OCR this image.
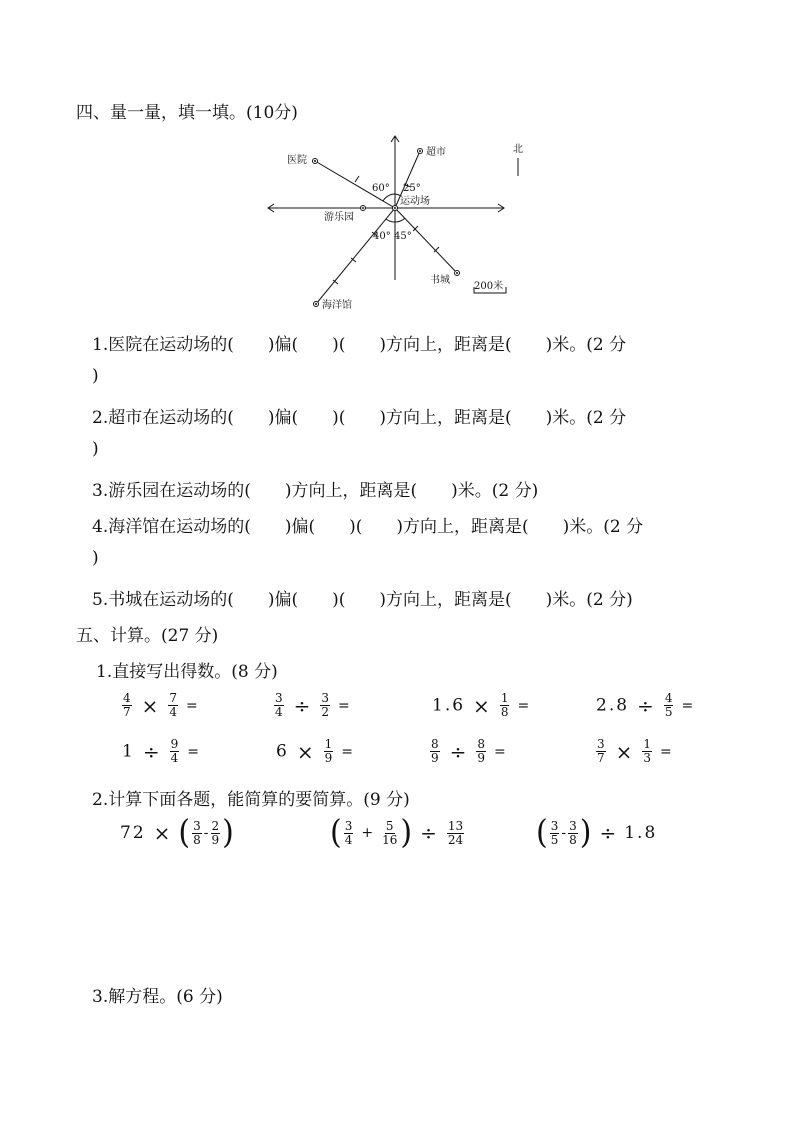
四、量一量，填一填。(10分)
医院
超市	北
60° 25°
运动场
游乐园
40° 45°
书城
200米
海洋馆
1.医院在运动场的(　　)偏(　　)(　　)方向上，距离是(　　)米。(2 分
)
2.超市在运动场的(　　)偏(　　)(　　)方向上，距离是(　　)米。(2 分
)
3.游乐园在运动场的(　　)方向上，距离是(　　)米。(2 分)
4.海洋馆在运动场的(　　)偏(　　)(　　)方向上，距离是(　　)米。(2 分
)
5.书城在运动场的(　　)偏(　　)(　　)方向上，距离是(　　)米。(2 分)
五、计算。(27 分)
1.直接写出得数。(8 分)
$\frac{4}{7} \times \frac{7}{4}$ =	$\frac{3}{4} \div \frac{3}{2}$ =	$1.6 \times \frac{1}{8}$ =	$2.8 \div \frac{4}{5}$ =
$1 \div \frac{9}{4}$ =	$6 \times \frac{1}{9}$ =	$\frac{8}{9} \div \frac{8}{9}$ =	$\frac{3}{7} \times \frac{1}{3}$ =
2.计算下面各题，能简算的要简算。(9 分)
72 × ( $\frac{3}{8} - \frac{2}{9}$ )	( $\frac{3}{4} + \frac{5}{16}$ ) ÷ $\frac{13}{24}$ ( $\frac{3}{5} - \frac{3}{8}$ ) ÷ 1.8
3.解方程。(6 分)
